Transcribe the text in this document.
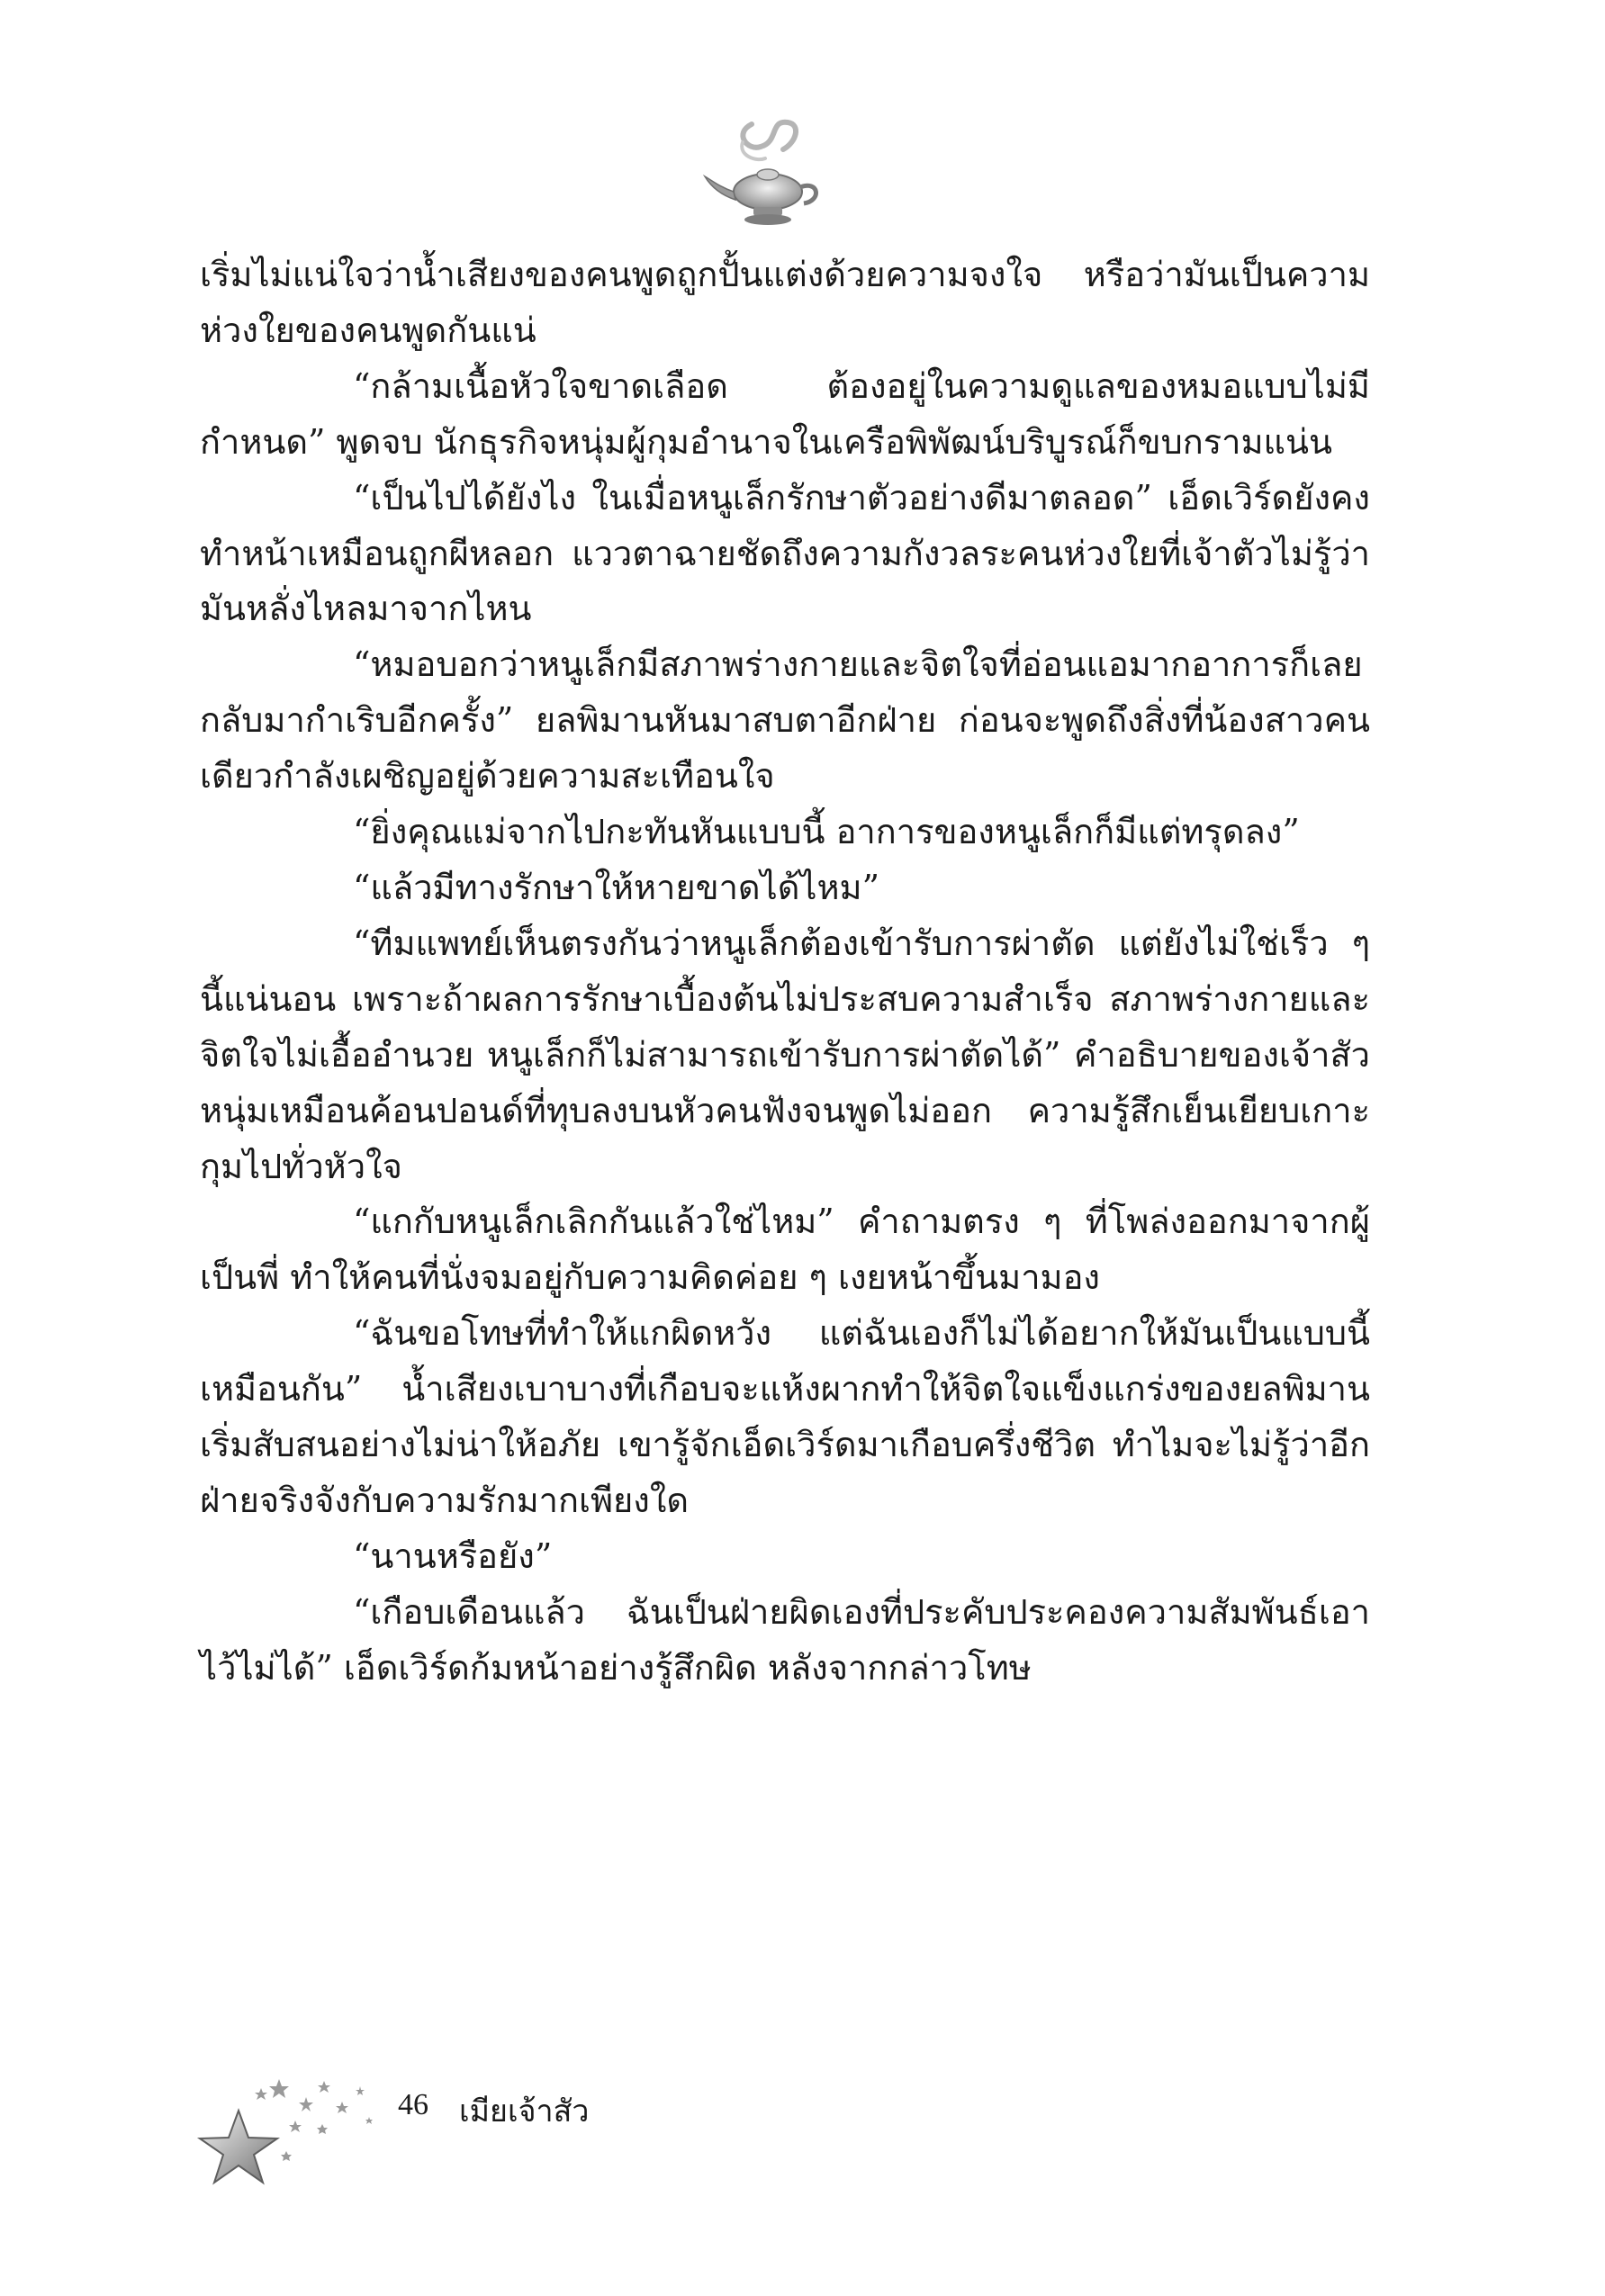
เริ่มไม่แน่ใจว่าน้ำเสียงของคนพูดถูกปั้นแต่งด้วยความจงใจ หรือว่ามันเป็นความห่วงใยของคนพูดกันแน่

“กล้ามเนื้อหัวใจขาดเลือด ต้องอยู่ในความดูแลของหมอแบบไม่มีกำหนด” พูดจบ นักธุรกิจหนุ่มผู้กุมอำนาจในเครือพิพัฒน์บริบูรณ์ก็ขบกรามแน่น

“เป็นไปได้ยังไง ในเมื่อหนูเล็กรักษาตัวอย่างดีมาตลอด” เอ็ดเวิร์ดยังคงทำหน้าเหมือนถูกผีหลอก แววตาฉายชัดถึงความกังวลระคนห่วงใยที่เจ้าตัวไม่รู้ว่ามันหลั่งไหลมาจากไหน

“หมอบอกว่าหนูเล็กมีสภาพร่างกายและจิตใจที่อ่อนแอมากอาการก็เลยกลับมากำเริบอีกครั้ง” ยลพิมานหันมาสบตาอีกฝ่าย ก่อนจะพูดถึงสิ่งที่น้องสาวคนเดียวกำลังเผชิญอยู่ด้วยความสะเทือนใจ

“ยิ่งคุณแม่จากไปกะทันหันแบบนี้ อาการของหนูเล็กก็มีแต่ทรุดลง”

“แล้วมีทางรักษาให้หายขาดได้ไหม”

“ทีมแพทย์เห็นตรงกันว่าหนูเล็กต้องเข้ารับการผ่าตัด แต่ยังไม่ใช่เร็ว ๆ นี้แน่นอน เพราะถ้าผลการรักษาเบื้องต้นไม่ประสบความสำเร็จ สภาพร่างกายและจิตใจไม่เอื้ออำนวย หนูเล็กก็ไม่สามารถเข้ารับการผ่าตัดได้” คำอธิบายของเจ้าสัวหนุ่มเหมือนค้อนปอนด์ที่ทุบลงบนหัวคนฟังจนพูดไม่ออก ความรู้สึกเย็นเยียบเกาะกุมไปทั่วหัวใจ

“แกกับหนูเล็กเลิกกันแล้วใช่ไหม” คำถามตรง ๆ ที่โพล่งออกมาจากผู้เป็นพี่ ทำให้คนที่นั่งจมอยู่กับความคิดค่อย ๆ เงยหน้าขึ้นมามอง

“ฉันขอโทษที่ทำให้แกผิดหวัง แต่ฉันเองก็ไม่ได้อยากให้มันเป็นแบบนี้เหมือนกัน” น้ำเสียงเบาบางที่เกือบจะแห้งผากทำให้จิตใจแข็งแกร่งของยลพิมานเริ่มสับสนอย่างไม่น่าให้อภัย เขารู้จักเอ็ดเวิร์ดมาเกือบครึ่งชีวิต ทำไมจะไม่รู้ว่าอีกฝ่ายจริงจังกับความรักมากเพียงใด

“นานหรือยัง”

“เกือบเดือนแล้ว ฉันเป็นฝ่ายผิดเองที่ประคับประคองความสัมพันธ์เอาไว้ไม่ได้” เอ็ดเวิร์ดก้มหน้าอย่างรู้สึกผิด หลังจากกล่าวโทษ

46 เมียเจ้าสัว
